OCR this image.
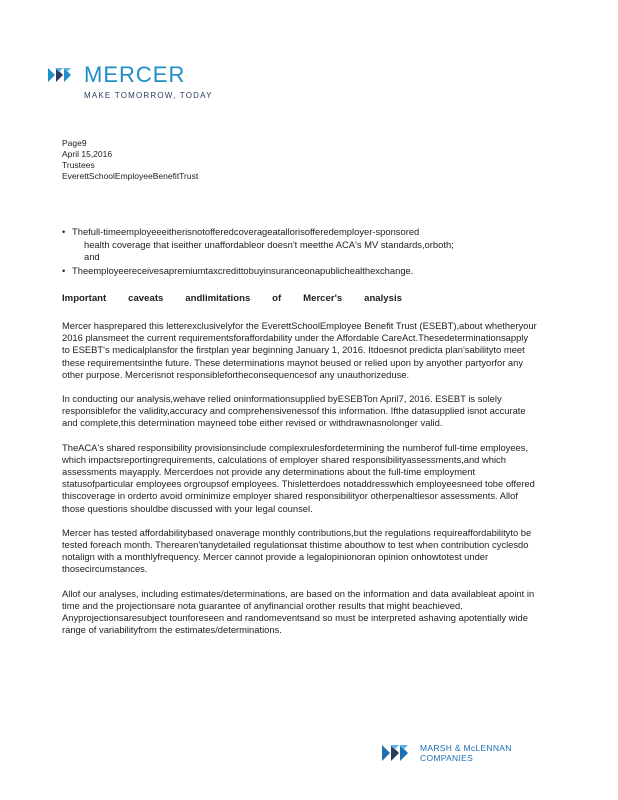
MERCER
MAKE TOMORROW, TODAY
Page9
April 15,2016
Trustees
EverettSchoolEmployeeBenefitTrust
• Thefull-timeemployeeeitherisnotofferedcoverageatallorisofferedemployer-sponsored
health coverage that iseither unaffordableor doesn't meetthe ACA's MV standards,orboth;
and
• Theemployeereceivesapremiumtaxcredittobuyinsuranceonapublichealthexchange.
Important caveats andlimitations of Mercer's analysis

Mercer hasprepared this letterexclusivelyfor the EverettSchoolEmployee Benefit Trust (ESEBT),about whetheryour 2016 plansmeet the current requirementsforaffordability under the Affordable CareAct.Thesedeterminationsapply to ESEBT's medicalplansfor the firstplan year beginning January 1, 2016. Itdoesnot predicta plan'sabilityto meet these requirementsinthe future. These determinations maynot beused or relied upon by anyother partyorfor any other purpose. Mercerisnot responsiblefortheconsequencesof any unauthorizeduse.

In conducting our analysis,wehave relied oninformationsupplied byESEBTon April7, 2016. ESEBT is solely responsiblefor the validity,accuracy and comprehensivenessof this information. Ifthe datasupplied isnot accurate and complete,this determination mayneed tobe either revised or withdrawnasnolonger valid.

TheACA's shared responsibility provisionsinclude complexrulesfordetermining the numberof full-time employees, which impactsreportingrequirements, calculations of employer shared responsibilityassessments,and which assessments mayapply. Mercerdoes not provide any determinations about the full-time employment statusofparticular employees orgroupsof employees. Thisletterdoes notaddresswhich employeesneed tobe offered thiscoverage in orderto avoid orminimize employer shared responsibilityor otherpenaltiesor assessments. Allof those questions shouldbe discussed with your legal counsel.

Mercer has tested affordabilitybased onaverage monthly contributions,but the regulations requireaffordabilityto be tested foreach month. Therearen'tanydetailed regulationsat thistime abouthow to test when contribution cyclesdo notalign with a monthlyfrequency. Mercer cannot provide a legalopinionoran opinion onhowtotest under thosecircumstances.

Allof our analyses, including estimates/determinations, are based on the information and data availableat apoint in time and the projectionsare nota guarantee of anyfinancial orother results that might beachieved. Anyprojectionsaresubject tounforeseen and randomeventsand so must be interpreted ashaving apotentially wide range of variabilityfrom the estimates/determinations.

MARSH & McLENNAN
COMPANIES
